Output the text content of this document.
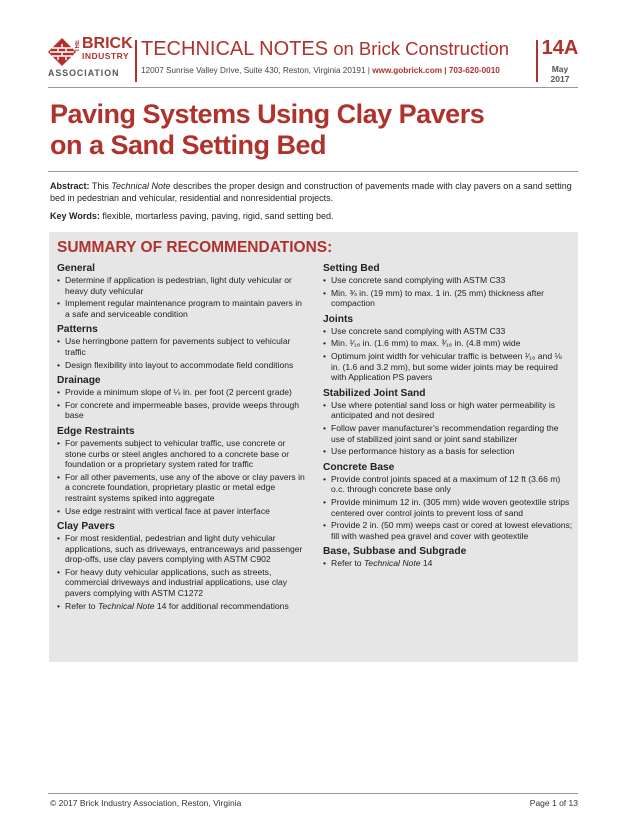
THE BRICK
INDUSTRY
ASSOCIATION
TECHNICAL NOTES on Brick Construction
12007 Sunrise Valley Drive, Suite 430, Reston, Virginia 20191 | www.gobrick.com | 703-620-0010
14A
May
2017
Paving Systems Using Clay Pavers
on a Sand Setting Bed
Abstract: This Technical Note describes the proper design and construction of pavements made with clay pavers on a sand setting bed in pedestrian and vehicular, residential and nonresidential projects.
Key Words: flexible, mortarless paving, paving, rigid, sand setting bed.
SUMMARY OF RECOMMENDATIONS:
General
• Determine if application is pedestrian, light duty vehicular or heavy duty vehicular
• Implement regular maintenance program to maintain pavers in a safe and serviceable condition
Patterns
• Use herringbone pattern for pavements subject to vehicular traffic
• Design flexibility into layout to accommodate field conditions
Drainage
• Provide a minimum slope of ¼ in. per foot (2 percent grade)
• For concrete and impermeable bases, provide weeps through base
Edge Restraints
• For pavements subject to vehicular traffic, use concrete or stone curbs or steel angles anchored to a concrete base or foundation or a proprietary system rated for traffic
• For all other pavements, use any of the above or clay pavers in a concrete foundation, proprietary plastic or metal edge restraint systems spiked into aggregate
• Use edge restraint with vertical face at paver interface
Clay Pavers
• For most residential, pedestrian and light duty vehicular applications, such as driveways, entranceways and passenger drop-offs, use clay pavers complying with ASTM C902
• For heavy duty vehicular applications, such as streets, commercial driveways and industrial applications, use clay pavers complying with ASTM C1272
• Refer to Technical Note 14 for additional recommendations
Setting Bed
• Use concrete sand complying with ASTM C33
• Min. ¾ in. (19 mm) to max. 1 in. (25 mm) thickness after compaction
Joints
• Use concrete sand complying with ASTM C33
• Min. ¹⁄₁₆ in. (1.6 mm) to max. ³⁄₁₆ in. (4.8 mm) wide
• Optimum joint width for vehicular traffic is between ¹⁄₁₆ and ⅛ in. (1.6 and 3.2 mm), but some wider joints may be required with Application PS pavers
Stabilized Joint Sand
• Use where potential sand loss or high water permeability is anticipated and not desired
• Follow paver manufacturer’s recommendation regarding the use of stabilized joint sand or joint sand stabilizer
• Use performance history as a basis for selection
Concrete Base
• Provide control joints spaced at a maximum of 12 ft (3.66 m) o.c. through concrete base only
• Provide minimum 12 in. (305 mm) wide woven geotextile strips centered over control joints to prevent loss of sand
• Provide 2 in. (50 mm) weeps cast or cored at lowest elevations; fill with washed pea gravel and cover with geotextile
Base, Subbase and Subgrade
• Refer to Technical Note 14
© 2017 Brick Industry Association, Reston, Virginia	Page 1 of 13
